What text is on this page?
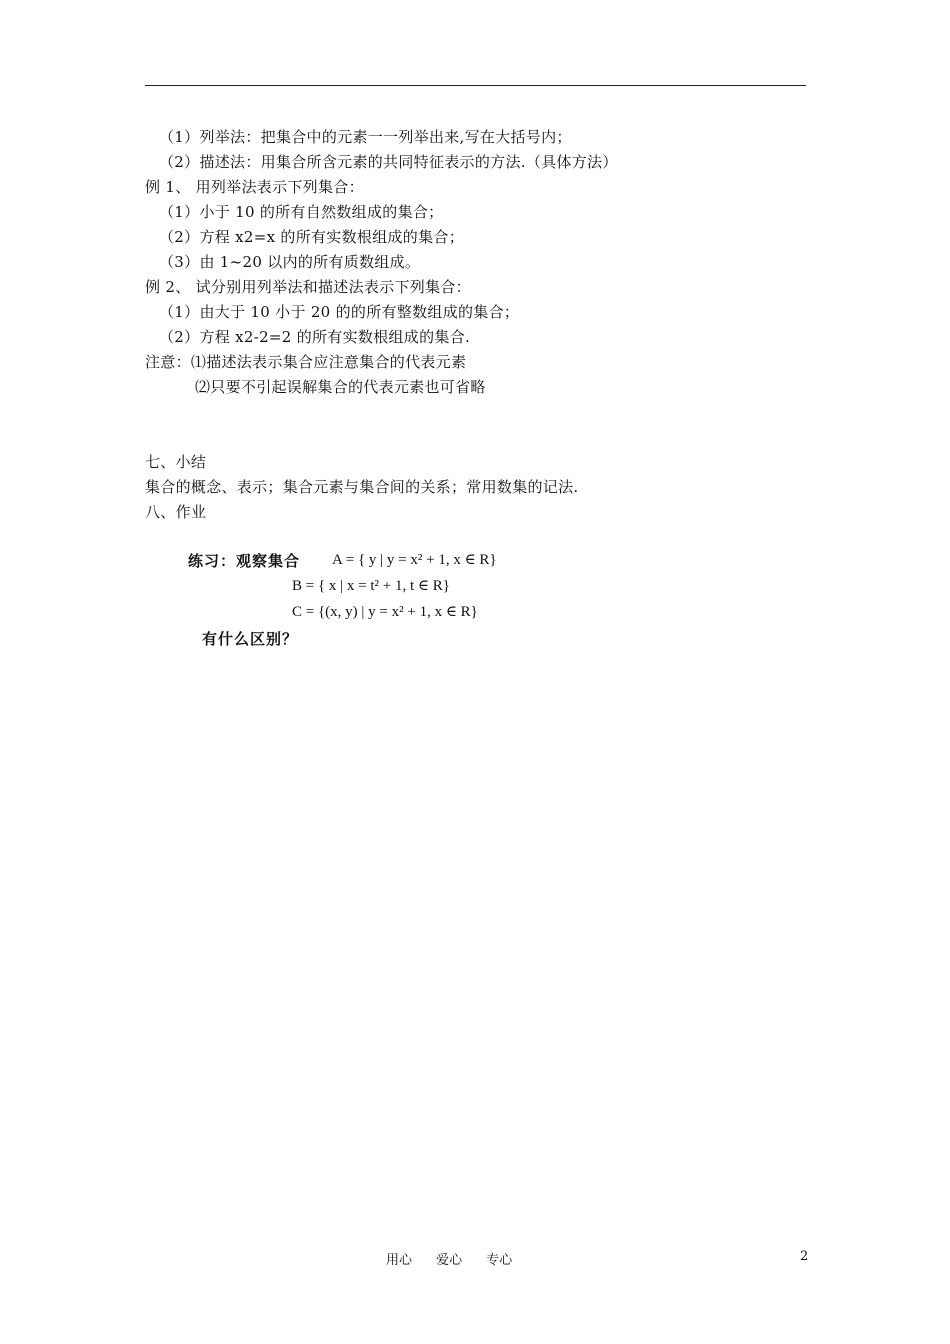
（1）列举法：把集合中的元素一一列举出来,写在大括号内；
（2）描述法：用集合所含元素的共同特征表示的方法.（具体方法）
例 1、 用列举法表示下列集合：
（1）小于 10 的所有自然数组成的集合；
（2）方程 x2=x 的所有实数根组成的集合；
（3）由 1~20 以内的所有质数组成。
例 2、 试分别用列举法和描述法表示下列集合：
（1）由大于 10 小于 20 的的所有整数组成的集合；
（2）方程 x2-2=2 的所有实数根组成的集合.
注意：⑴描述法表示集合应注意集合的代表元素
⑵只要不引起误解集合的代表元素也可省略
七、小结
集合的概念、表示；集合元素与集合间的关系；常用数集的记法.
八、作业
练习：观察集合 A = { y | y = x² + 1, x ∈ R}
B = { x | x = t² + 1, t ∈ R}
C = {(x, y) | y = x² + 1, x ∈ R}
有什么区别？
用心 爱心 专心	2
